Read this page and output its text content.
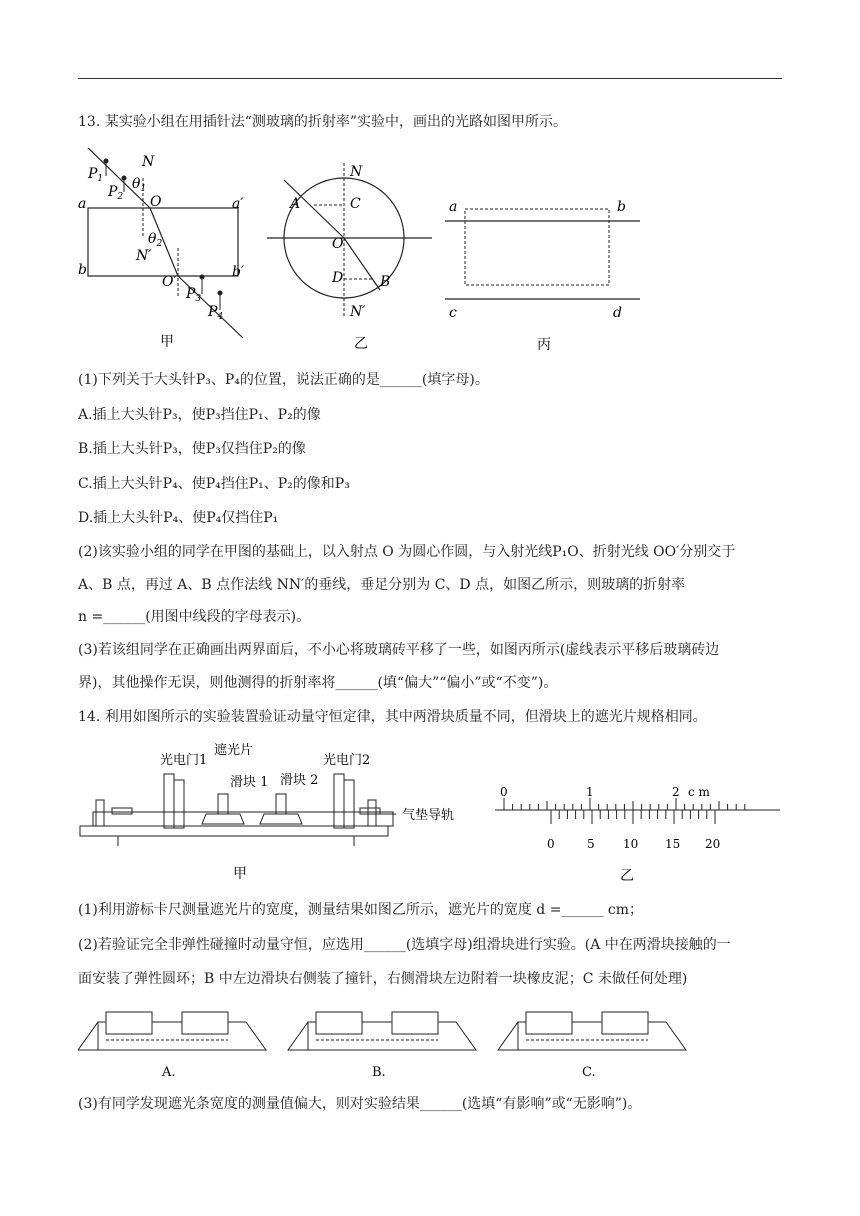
13. 某实验小组在用插针法“测玻璃的折射率”实验中，画出的光路如图甲所示。
$P_1$
$P_2$
N
$\theta_1$
O
a	a′
b	b′
$\theta_2$
N′
O′
$P_3$
$P_4$
甲
N
A	C
O
D	B
N′
乙
a	b
c	d
丙
(1)下列关于大头针P₃、P₄的位置，说法正确的是______(填字母)。
A.插上大头针P₃，使P₃挡住P₁、P₂的像
B.插上大头针P₃，使P₃仅挡住P₂的像
C.插上大头针P₄、使P₄挡住P₁、P₂的像和P₃
D.插上大头针P₄、使P₄仅挡住P₁
(2)该实验小组的同学在甲图的基础上，以入射点 O 为圆心作圆，与入射光线P₁O、折射光线 OO′分别交于
A、B 点，再过 A、B 点作法线 NN′的垂线，垂足分别为 C、D 点，如图乙所示，则玻璃的折射率
n =______(用图中线段的字母表示)。
(3)若该组同学在正确画出两界面后，不小心将玻璃砖平移了一些，如图丙所示(虚线表示平移后玻璃砖边
界)，其他操作无误，则他测得的折射率将______(填“偏大”“偏小”或“不变”)。
14. 利用如图所示的实验装置验证动量守恒定律，其中两滑块质量不同，但滑块上的遮光片规格相同。
光电门1
遮光片
滑块 1 滑块 2
光电门2
气垫导轨
甲
0	1	2 c m
0	5 10 15 20
乙
(1)利用游标卡尺测量遮光片的宽度，测量结果如图乙所示，遮光片的宽度 d =______ cm；
(2)若验证完全非弹性碰撞时动量守恒，应选用______(选填字母)组滑块进行实验。(A 中在两滑块接触的一
面安装了弹性圆环；B 中左边滑块右侧装了撞针，右侧滑块左边附着一块橡皮泥；C 未做任何处理)
A.	B.	C.
(3)有同学发现遮光条宽度的测量值偏大，则对实验结果______(选填“有影响”或“无影响”)。
